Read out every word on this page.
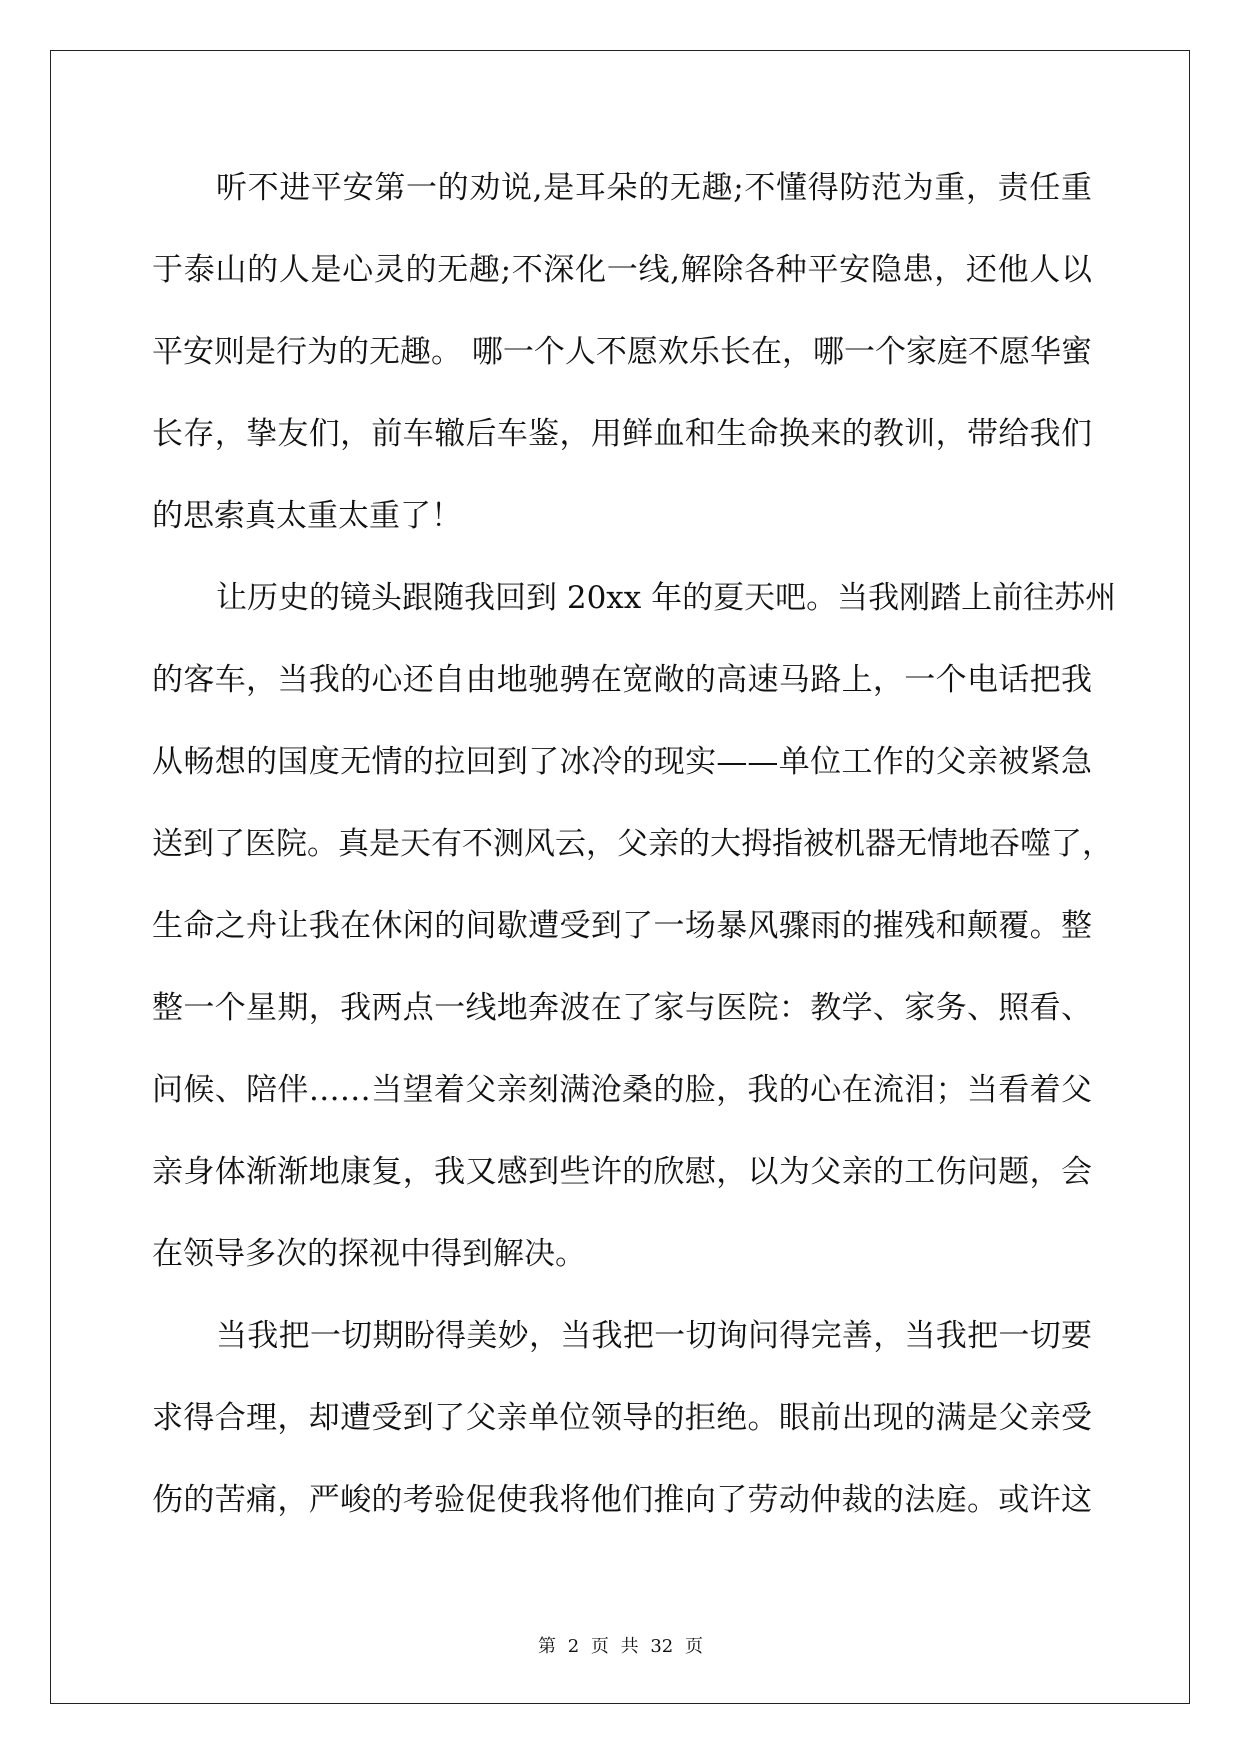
听不进平安第一的劝说,是耳朵的无趣;不懂得防范为重，责任重
于泰山的人是心灵的无趣;不深化一线,解除各种平安隐患，还他人以
平安则是行为的无趣。 哪一个人不愿欢乐长在，哪一个家庭不愿华蜜
长存，挚友们，前车辙后车鉴，用鲜血和生命换来的教训，带给我们
的思索真太重太重了！
让历史的镜头跟随我回到 20xx 年的夏天吧。当我刚踏上前往苏州
的客车，当我的心还自由地驰骋在宽敞的高速马路上，一个电话把我
从畅想的国度无情的拉回到了冰冷的现实——单位工作的父亲被紧急
送到了医院。真是天有不测风云，父亲的大拇指被机器无情地吞噬了，
生命之舟让我在休闲的间歇遭受到了一场暴风骤雨的摧残和颠覆。整
整一个星期，我两点一线地奔波在了家与医院：教学、家务、照看、
问候、陪伴……当望着父亲刻满沧桑的脸，我的心在流泪；当看着父
亲身体渐渐地康复，我又感到些许的欣慰，以为父亲的工伤问题，会
在领导多次的探视中得到解决。
当我把一切期盼得美妙，当我把一切询问得完善，当我把一切要
求得合理，却遭受到了父亲单位领导的拒绝。眼前出现的满是父亲受
伤的苦痛，严峻的考验促使我将他们推向了劳动仲裁的法庭。或许这
第 2 页 共 32 页
